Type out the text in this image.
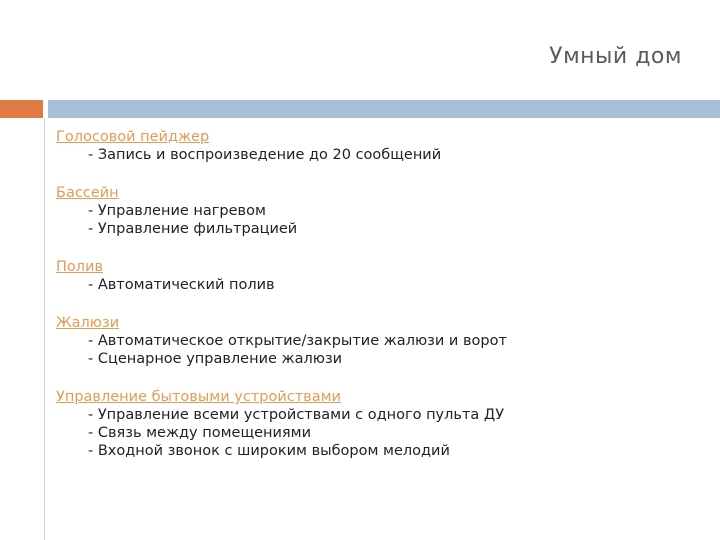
Умный дом
Голосовой пейджер
- Запись и воспроизведение до 20 сообщений
Бассейн
- Управление нагревом
- Управление фильтрацией
Полив
- Автоматический полив
Жалюзи
- Автоматическое открытие/закрытие жалюзи и ворот
- Сценарное управление жалюзи
Управление бытовыми устройствами
- Управление всеми устройствами с одного пульта ДУ
- Связь между помещениями
- Входной звонок с широким выбором мелодий
